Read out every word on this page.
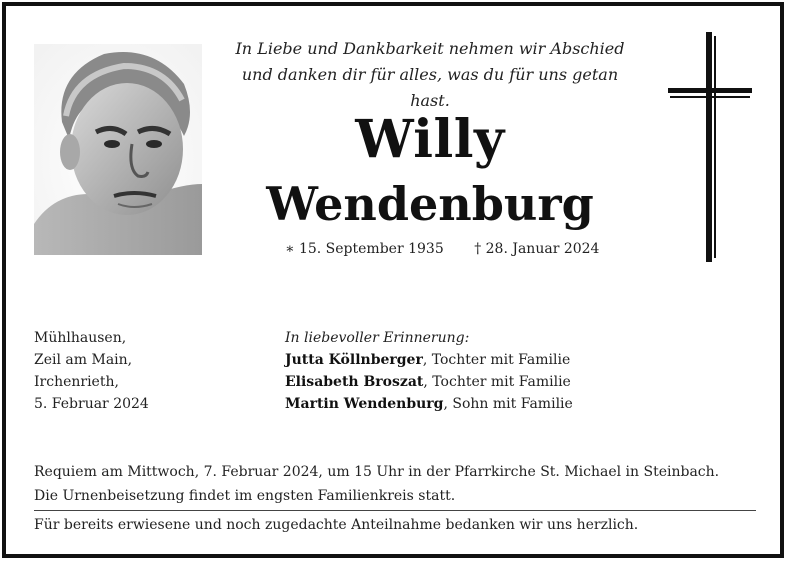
In Liebe und Dankbarkeit nehmen wir Abschied
und danken dir für alles, was du für uns getan hast.
Willy
Wendenburg
∗ 15. September 1935 † 28. Januar 2024
Mühlhausen,
Zeil am Main,
Irchenrieth,
5. Februar 2024
In liebevoller Erinnerung:
Jutta Köllnberger, Tochter mit Familie
Elisabeth Broszat, Tochter mit Familie
Martin Wendenburg, Sohn mit Familie
Requiem am Mittwoch, 7. Februar 2024, um 15 Uhr in der Pfarrkirche St. Michael in Steinbach.
Die Urnenbeisetzung findet im engsten Familienkreis statt.
Für bereits erwiesene und noch zugedachte Anteilnahme bedanken wir uns herzlich.
